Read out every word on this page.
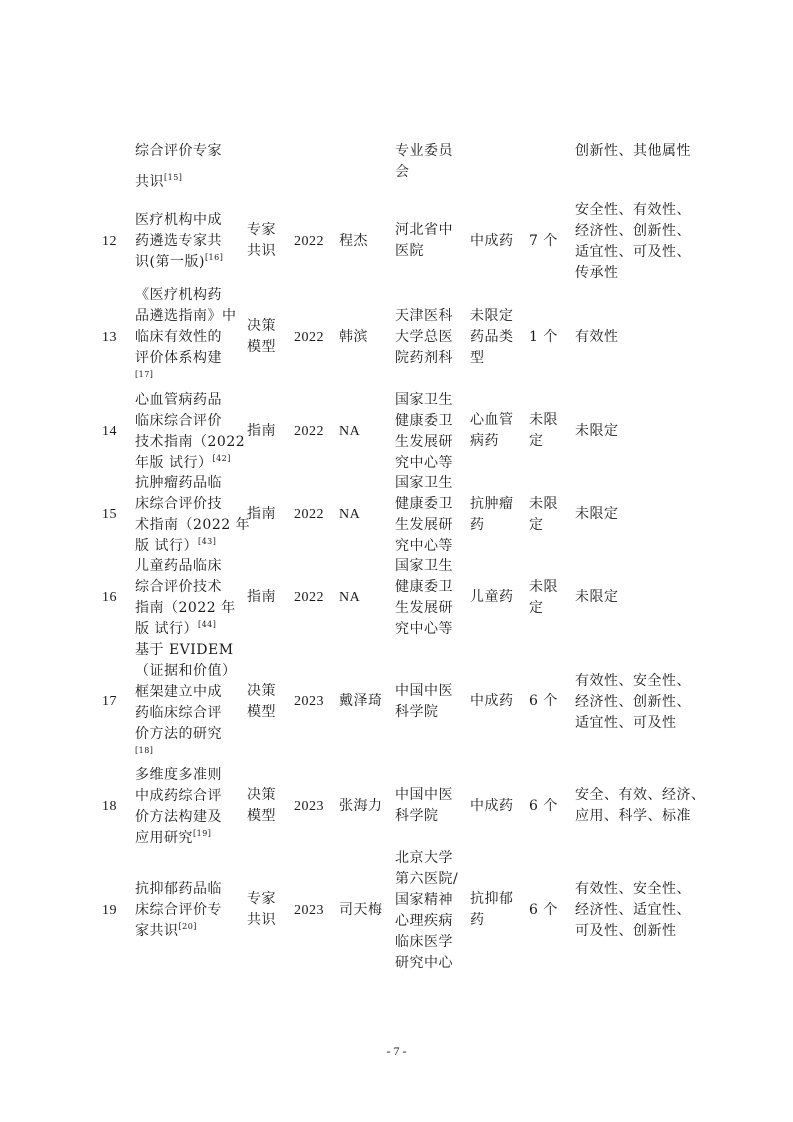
综合评价专家
共识[15]
专业委员
会
创新性、其他属性
12
医疗机构中成
药遴选专家共
识(第一版)[16]
专家
共识
2022 程杰
河北省中
医院
中成药 7 个
安全性、有效性、
经济性、创新性、
适宜性、可及性、
传承性
13
《医疗机构药
品遴选指南》中
临床有效性的
评价体系构建
[17]
决策
模型
2022 韩滨
天津医科
大学总医
院药剂科
未限定
药品类
型
1 个 有效性
14
心血管病药品
临床综合评价
技术指南（2022
年版 试行）[42]
指南 2022 NA
国家卫生
健康委卫
生发展研
究中心等
心血管
病药
未限
定
未限定
15
抗肿瘤药品临
床综合评价技
术指南（2022 年
版 试行）[43]
指南 2022 NA
国家卫生
健康委卫
生发展研
究中心等
抗肿瘤
药
未限
定
未限定
16
儿童药品临床
综合评价技术
指南（2022 年
版 试行）[44]
指南 2022 NA
国家卫生
健康委卫
生发展研
究中心等
儿童药
未限
定
未限定
17
基于 EVIDEM
（证据和价值）
框架建立中成
药临床综合评
价方法的研究
[18]
决策
模型
2023 戴泽琦
中国中医
科学院
中成药 6 个
有效性、安全性、
经济性、创新性、
适宜性、可及性
18
多维度多准则
中成药综合评
价方法构建及
应用研究[19]
决策
模型
2023 张海力
中国中医
科学院
中成药 6 个
安全、有效、经济、
应用、科学、标准
19
抗抑郁药品临
床综合评价专
家共识[20]
专家
共识
2023 司天梅
北京大学
第六医院/
国家精神
心理疾病
临床医学
研究中心
抗抑郁
药
6 个
有效性、安全性、
经济性、适宜性、
可及性、创新性
- 7 -
